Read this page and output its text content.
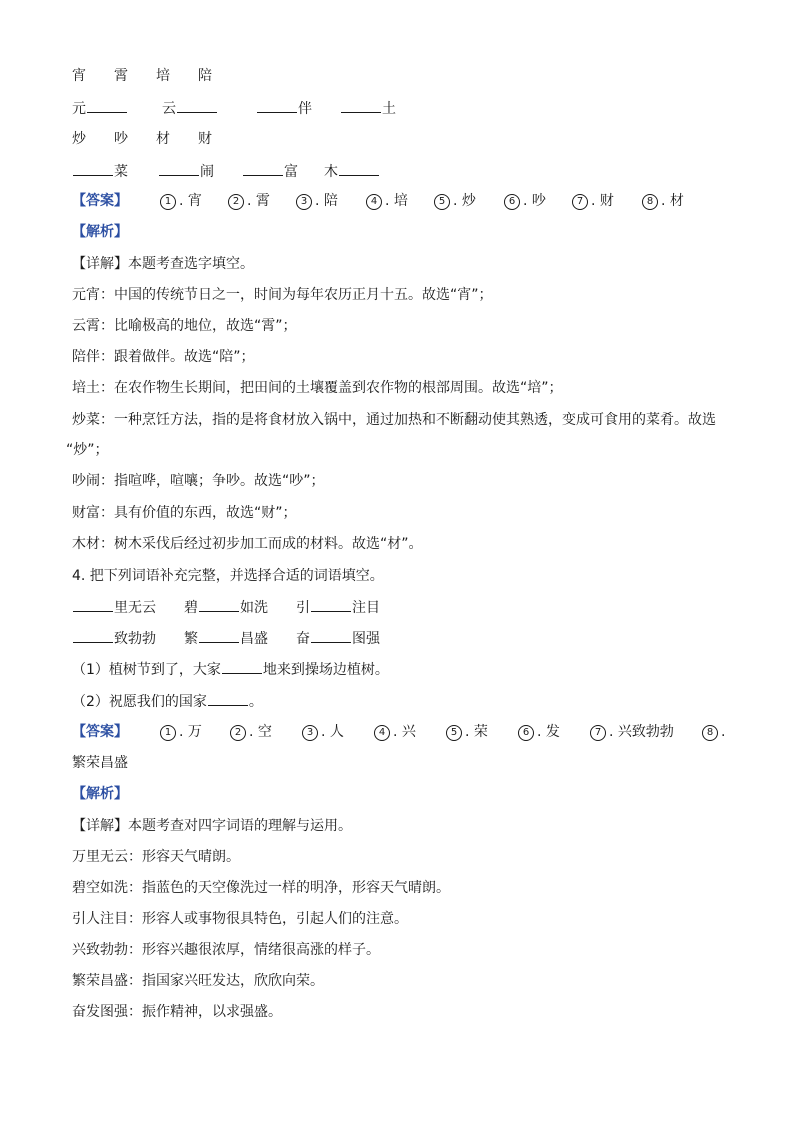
宵 霄 培 陪
元	云	伴	土
炒 吵 材 财
菜	闹	富 木
【答案】	1 . 宵	2 . 霄	3 . 陪	4 . 培	5 . 炒	6 . 吵	7 . 财	8 . 材
【解析】
【详解】本题考查选字填空。
元宵：中国的传统节日之一，时间为每年农历正月十五。故选“宵”；
云霄：比喻极高的地位，故选“霄”；
陪伴：跟着做伴。故选“陪”；
培土：在农作物生长期间，把田间的土壤覆盖到农作物的根部周围。故选“培”；
炒菜：一种烹饪方法，指的是将食材放入锅中，通过加热和不断翻动使其熟透，变成可食用的菜肴。故选
“炒”；
吵闹：指喧哗，喧嚷；争吵。故选“吵”；
财富：具有价值的东西，故选“财”；
木材：树木采伐后经过初步加工而成的材料。故选“材”。
4. 把下列词语补充完整，并选择合适的词语填空。
里无云 碧	如洗 引	注目
致勃勃 繁	昌盛 奋	图强
（1）植树节到了，大家	地来到操场边植树。
（2）祝愿我们的国家	。
【答案】	1 . 万	2 . 空	3 . 人	4 . 兴	5 . 荣	6 . 发	7 . 兴致勃勃	8 .
繁荣昌盛
【解析】
【详解】本题考查对四字词语的理解与运用。
万里无云：形容天气晴朗。
碧空如洗：指蓝色的天空像洗过一样的明净，形容天气晴朗。
引人注目：形容人或事物很具特色，引起人们的注意。
兴致勃勃：形容兴趣很浓厚，情绪很高涨的样子。
繁荣昌盛：指国家兴旺发达，欣欣向荣。
奋发图强：振作精神，以求强盛。
